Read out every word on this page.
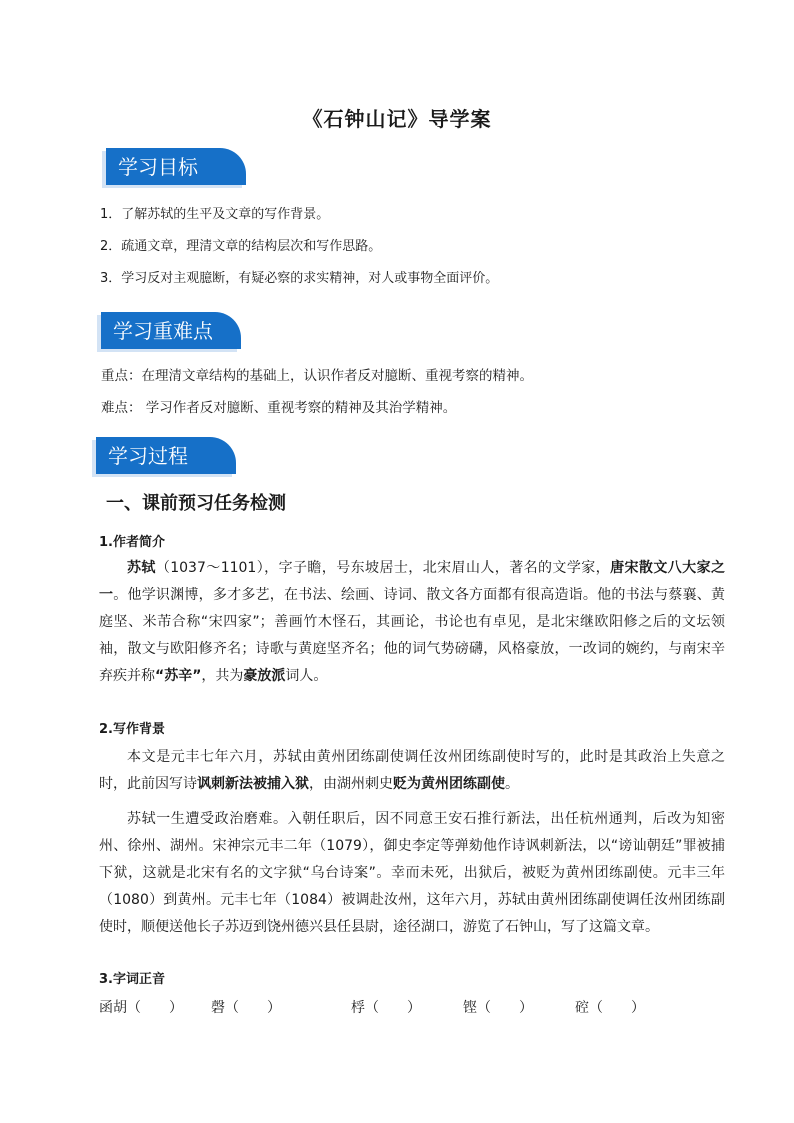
《石钟山记》导学案
学习目标
1．了解苏轼的生平及文章的写作背景。
2．疏通文章，理清文章的结构层次和写作思路。
3．学习反对主观臆断，有疑必察的求实精神，对人或事物全面评价。
学习重难点
重点：在理清文章结构的基础上，认识作者反对臆断、重视考察的精神。
难点： 学习作者反对臆断、重视考察的精神及其治学精神。
学习过程
一、课前预习任务检测
1.作者简介

苏轼（1037～1101），字子瞻，号东坡居士，北宋眉山人，著名的文学家，唐宋散文八大家之一。他学识渊博，多才多艺，在书法、绘画、诗词、散文各方面都有很高造诣。他的书法与蔡襄、黄庭坚、米芾合称“宋四家”；善画竹木怪石，其画论，书论也有卓见，是北宋继欧阳修之后的文坛领袖，散文与欧阳修齐名；诗歌与黄庭坚齐名；他的词气势磅礴，风格豪放，一改词的婉约，与南宋辛弃疾并称“苏辛”，共为豪放派词人。

2.写作背景

本文是元丰七年六月，苏轼由黄州团练副使调任汝州团练副使时写的，此时是其政治上失意之时，此前因写诗讽刺新法被捕入狱，由湖州刺史贬为黄州团练副使。

苏轼一生遭受政治磨难。入朝任职后，因不同意王安石推行新法，出任杭州通判，后改为知密州、徐州、湖州。宋神宗元丰二年（1079），御史李定等弹劾他作诗讽刺新法，以“谤讪朝廷”罪被捕下狱，这就是北宋有名的文字狱“乌台诗案”。幸而未死，出狱后，被贬为黄州团练副使。元丰三年（1080）到黄州。元丰七年（1084）被调赴汝州，这年六月，苏轼由黄州团练副使调任汝州团练副使时，顺便送他长子苏迈到饶州德兴县任县尉，途径湖口，游览了石钟山，写了这篇文章。

3.字词正音
函胡（　　） 磬（　　）	桴（　　）	铿（　　）	硿（　　）
